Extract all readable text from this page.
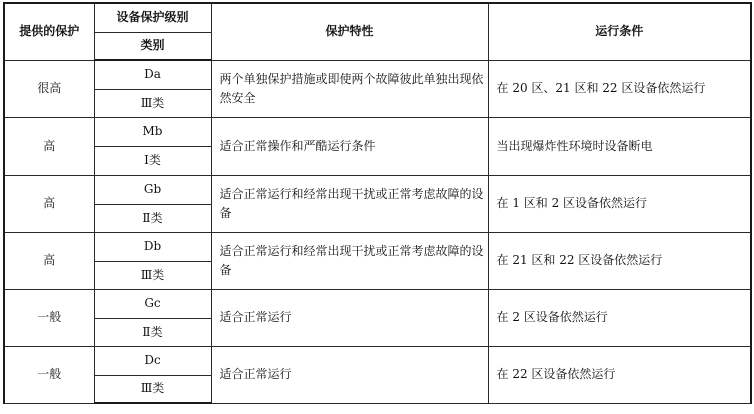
提供的保护	设备保护级别	保护特性	运行条件
	类别		
很高	Da	两个单独保护措施或即使两个故障彼此单独出现依然安全	在 20 区、21 区和 22 区设备依然运行
	Ⅲ类		
高	Mb	适合正常操作和严酷运行条件	当出现爆炸性环境时设备断电
	Ⅰ类		
高	Gb	适合正常运行和经常出现干扰或正常考虑故障的设备	在 1 区和 2 区设备依然运行
	Ⅱ类		
高	Db	适合正常运行和经常出现干扰或正常考虑故障的设备	在 21 区和 22 区设备依然运行
	Ⅲ类		
一般	Gc	适合正常运行	在 2 区设备依然运行
	Ⅱ类		
一般	Dc	适合正常运行	在 22 区设备依然运行
	Ⅲ类		
